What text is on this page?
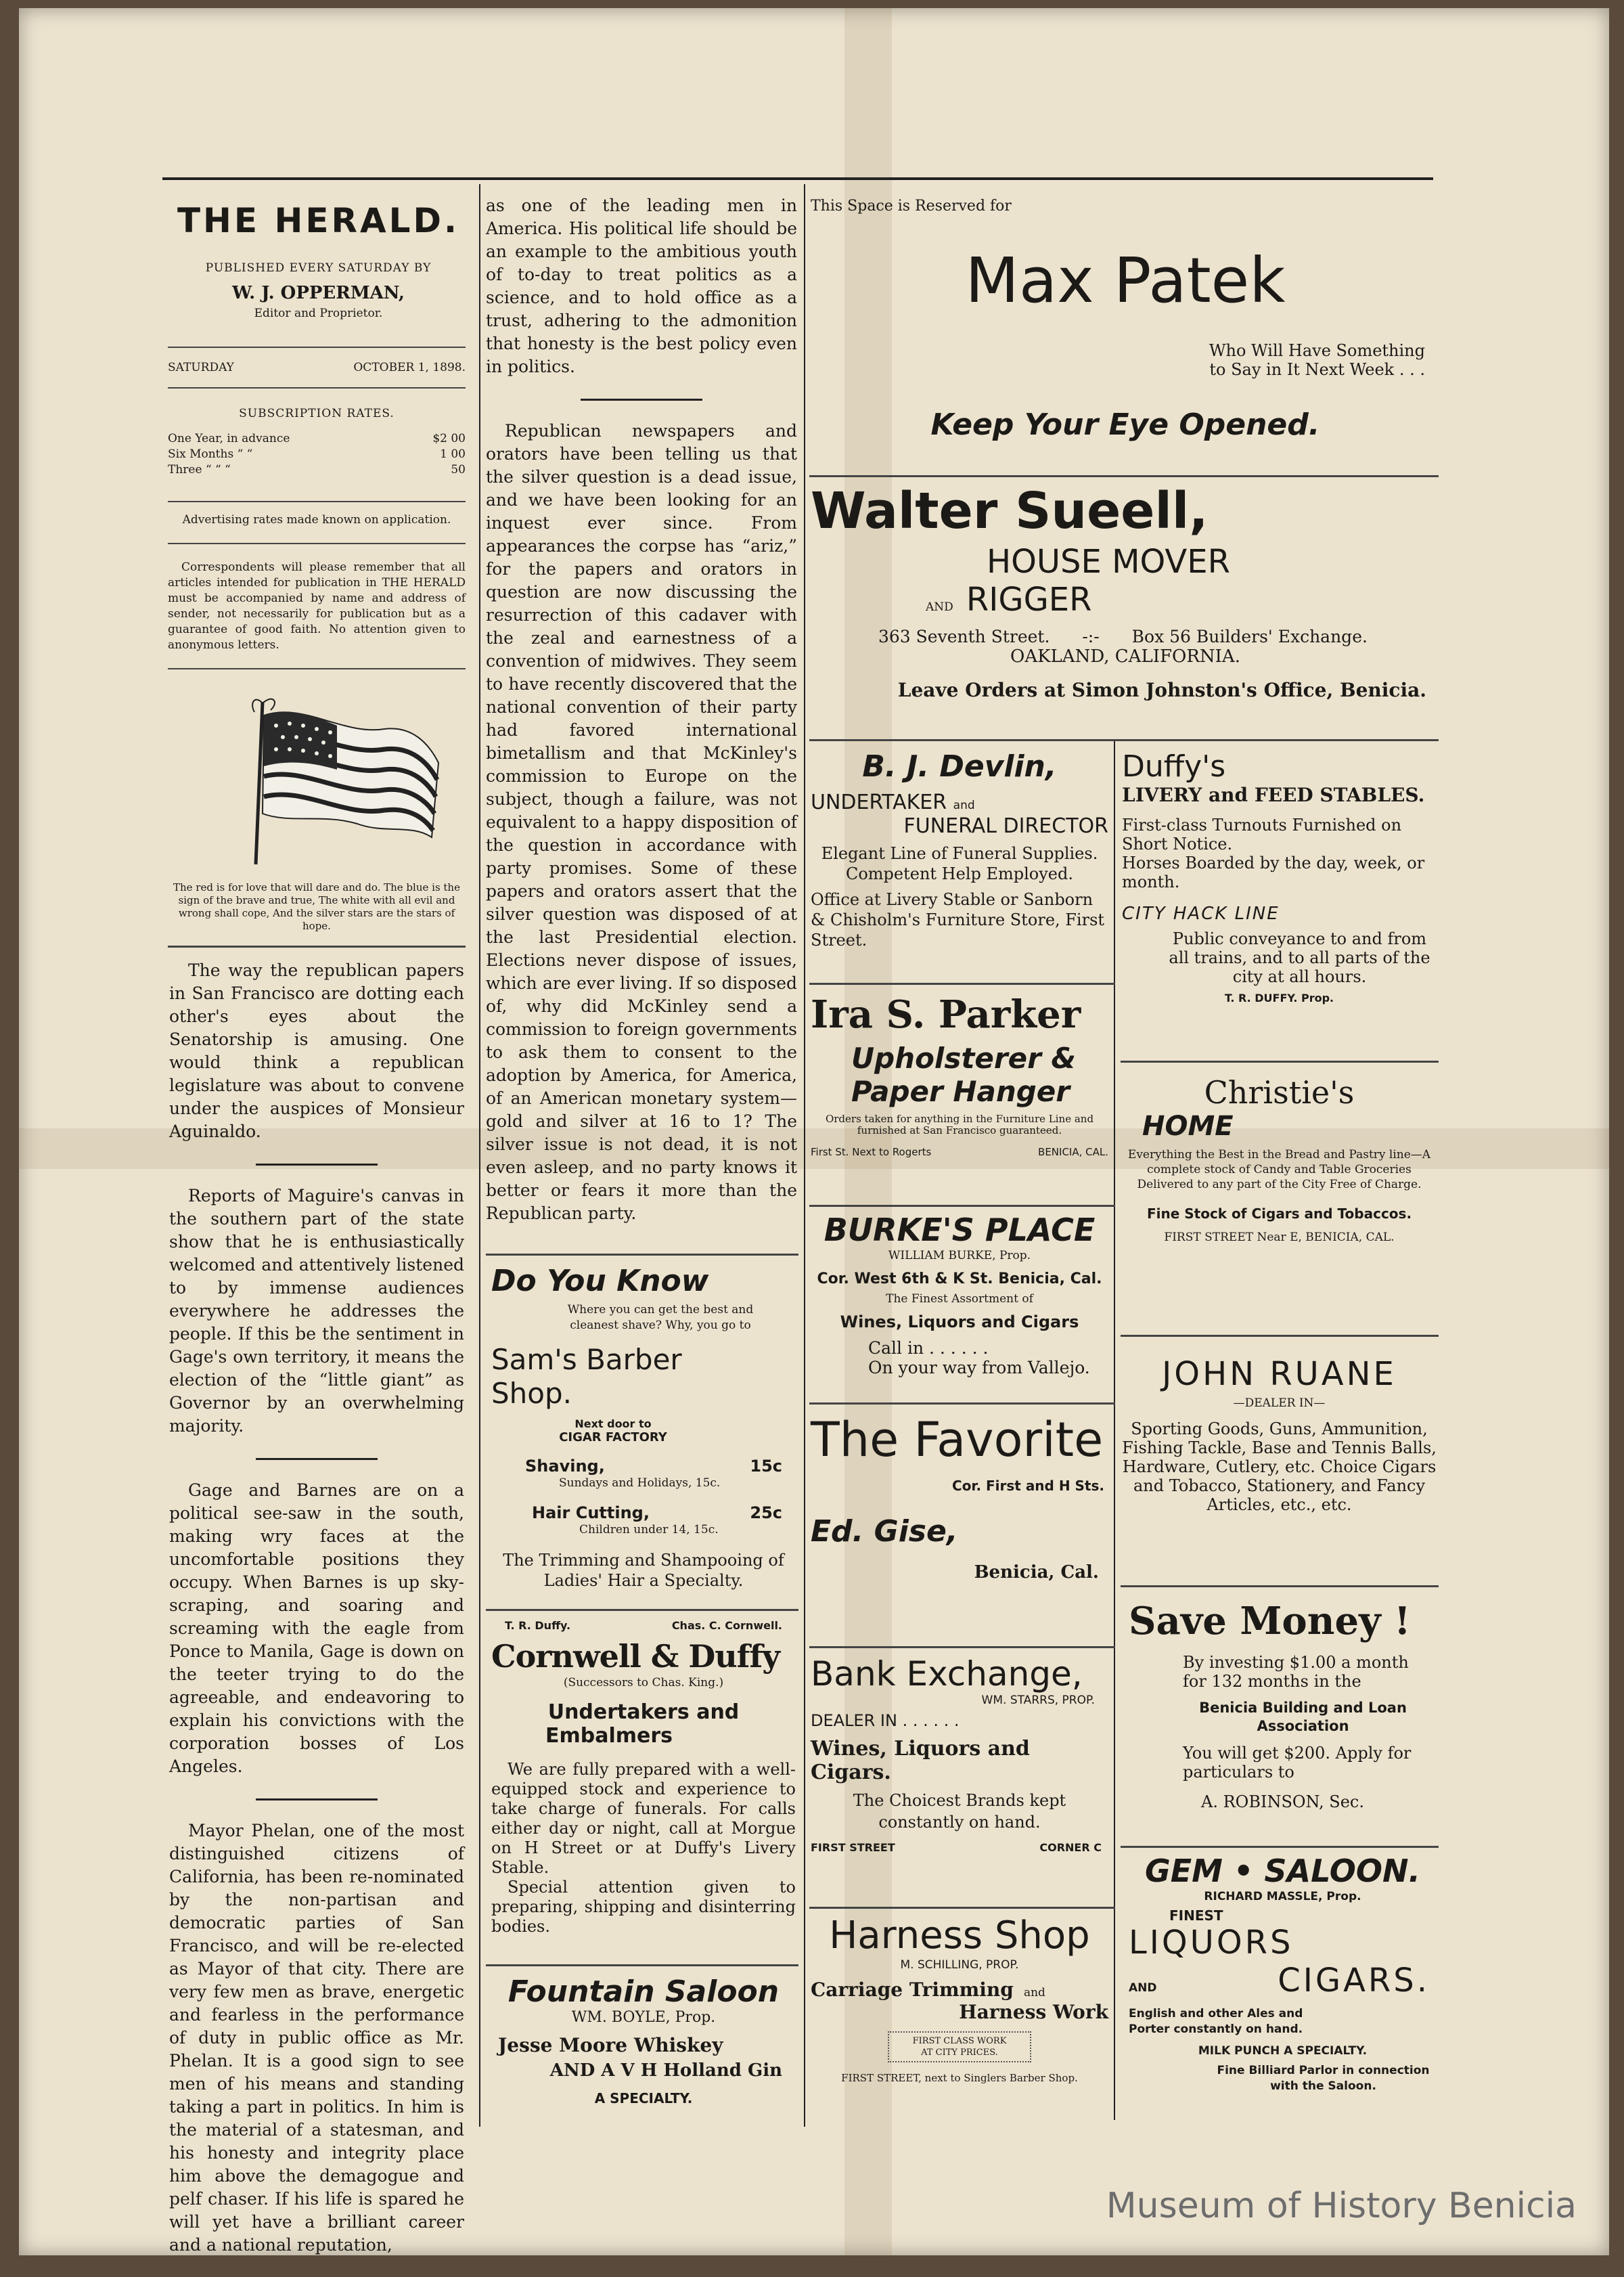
THE HERALD.
PUBLISHED EVERY SATURDAY BY
W. J. OPPERMAN,
Editor and Proprietor.
SATURDAY	OCTOBER 1, 1898.
SUBSCRIPTION RATES.
One Year, in advance	$2 00
Six Months “ “	1 00
Three “ “ “	50
Advertising rates made known on application.
Correspondents will please remember that all articles intended for publication in THE HERALD must be accompanied by name and address of sender, not necessarily for publication but as a guarantee of good faith. No attention given to anonymous letters.
The red is for love that will dare and do. The blue is the sign of the brave and true, The white with all evil and wrong shall cope, And the silver stars are the stars of hope.

The way the republican papers in San Francisco are dotting each other's eyes about the Senatorship is amusing. One would think a republican legislature was about to convene under the auspices of Monsieur Aguinaldo.

Reports of Maguire's canvas in the southern part of the state show that he is enthusiastically welcomed and attentively listened to by immense audiences everywhere he addresses the people. If this be the sentiment in Gage's own territory, it means the election of the “little giant” as Governor by an overwhelming majority.

Gage and Barnes are on a political see-saw in the south, making wry faces at the uncomfortable positions they occupy. When Barnes is up sky-scraping, and soaring and screaming with the eagle from Ponce to Manila, Gage is down on the teeter trying to do the agreeable, and endeavoring to explain his convictions with the corporation bosses of Los Angeles.

Mayor Phelan, one of the most distinguished citizens of California, has been re-nominated by the non-partisan and democratic parties of San Francisco, and will be re-elected as Mayor of that city. There are very few men as brave, energetic and fearless in the performance of duty in public office as Mr. Phelan. It is a good sign to see men of his means and standing taking a part in politics. In him is the material of a statesman, and his honesty and integrity place him above the demagogue and pelf chaser. If his life is spared he will yet have a brilliant career and a national reputation,

as one of the leading men in America. His political life should be an example to the ambitious youth of to-day to treat politics as a science, and to hold office as a trust, adhering to the admonition that honesty is the best policy even in politics.

Republican newspapers and orators have been telling us that the silver question is a dead issue, and we have been looking for an inquest ever since. From appearances the corpse has “ariz,” for the papers and orators in question are now discussing the resurrection of this cadaver with the zeal and earnestness of a convention of midwives. They seem to have recently discovered that the national convention of their party had favored international bimetallism and that McKinley's commission to Europe on the subject, though a failure, was not equivalent to a happy disposition of the question in accordance with party promises. Some of these papers and orators assert that the silver question was disposed of at the last Presidential election. Elections never dispose of issues, which are ever living. If so disposed of, why did McKinley send a commission to foreign governments to ask them to consent to the adoption by America, for America, of an American monetary system—gold and silver at 16 to 1? The silver issue is not dead, it is not even asleep, and no party knows it better or fears it more than the Republican party.

Do You Know
Where you can get the best and cleanest shave? Why, you go to
Sam's Barber Shop.
Next door to
CIGAR FACTORY
Shaving,	15c
Sundays and Holidays, 15c.
Hair Cutting,	25c
Children under 14, 15c.
The Trimming and Shampooing of Ladies' Hair a Specialty.
T. R. Duffy.	Chas. C. Cornwell.
Cornwell & Duffy
(Successors to Chas. King.)
Undertakers and
Embalmers
We are fully prepared with a well-equipped stock and experience to take charge of funerals. For calls either day or night, call at Morgue on H Street or at Duffy's Livery Stable.
Special attention given to preparing, shipping and disinterring bodies.
Fountain Saloon
WM. BOYLE, Prop.
Jesse Moore Whiskey
AND A V H Holland Gin
A SPECIALTY.
This Space is Reserved for
Max Patek
Who Will Have Something
to Say in It Next Week . . .
Keep Your Eye Opened.
Walter Sueell,
HOUSE MOVER
AND RIGGER
363 Seventh Street. -:- Box 56 Builders' Exchange.
OAKLAND, CALIFORNIA.
Leave Orders at Simon Johnston's Office, Benicia.
B. J. Devlin,
UNDERTAKER and
FUNERAL DIRECTOR
Elegant Line of Funeral Supplies. Competent Help Employed.
Office at Livery Stable or Sanborn & Chisholm's Furniture Store, First Street.
Ira S. Parker
Upholsterer &
Paper Hanger
Orders taken for anything in the Furniture Line and furnished at San Francisco guaranteed.
First St. Next to Rogerts	BENICIA, CAL.
BURKE'S PLACE
WILLIAM BURKE, Prop.
Cor. West 6th & K St. Benicia, Cal.
The Finest Assortment of
Wines, Liquors and Cigars
Call in . . . . . .
On your way from Vallejo.
The Favorite
Cor. First and H Sts.
Ed. Gise,
Benicia, Cal.
Bank Exchange,
WM. STARRS, PROP.
DEALER IN . . . . . .
Wines, Liquors and Cigars.
The Choicest Brands kept constantly on hand.
FIRST STREET	CORNER C
Harness Shop
M. SCHILLING, PROP.
Carriage Trimming and
Harness Work
FIRST CLASS WORK
AT CITY PRICES.
FIRST STREET, next to Singlers Barber Shop.
Duffy's
LIVERY and FEED STABLES.
First-class Turnouts Furnished on Short Notice.
Horses Boarded by the day, week, or month.
CITY HACK LINE
Public conveyance to and from all trains, and to all parts of the city at all hours.
T. R. DUFFY. Prop.
Christie's
HOME
Everything the Best in the Bread and Pastry line—A complete stock of Candy and Table Groceries Delivered to any part of the City Free of Charge.
Fine Stock of Cigars and Tobaccos.
FIRST STREET Near E, BENICIA, CAL.
JOHN RUANE
—DEALER IN—
Sporting Goods, Guns, Ammunition, Fishing Tackle, Base and Tennis Balls, Hardware, Cutlery, etc. Choice Cigars and Tobacco, Stationery, and Fancy Articles, etc., etc.
Save Money !
By investing $1.00 a month for 132 months in the
Benicia Building and Loan Association
You will get $200. Apply for particulars to
A. ROBINSON, Sec.
GEM • SALOON.
RICHARD MASSLE, Prop.
FINEST
LIQUORS
AND	CIGARS.
English and other Ales and Porter constantly on hand.
MILK PUNCH A SPECIALTY.
Fine Billiard Parlor in connection with the Saloon.
Museum of History Benicia
